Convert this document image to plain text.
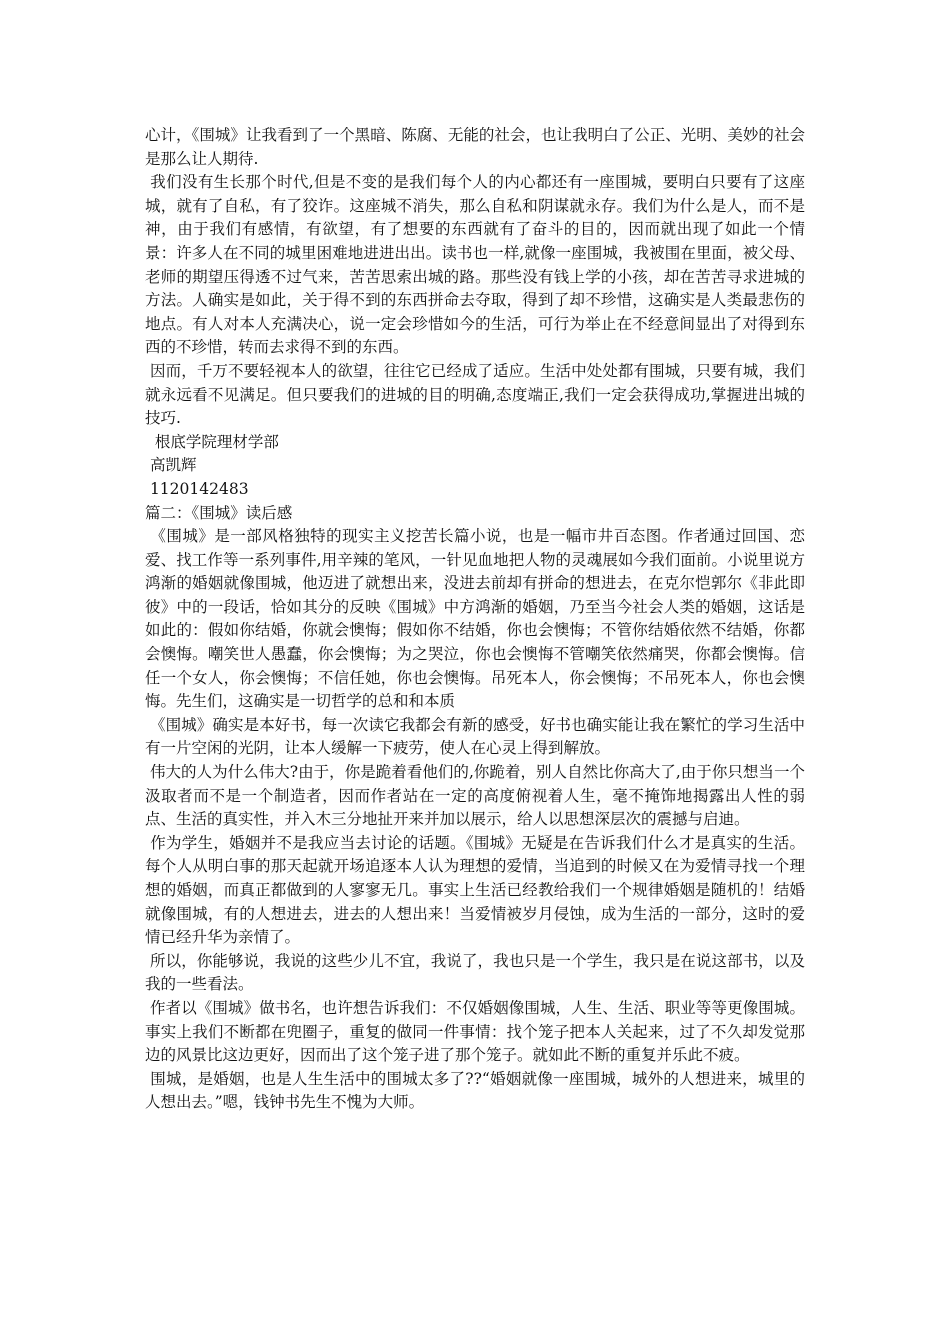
心计，《围城》让我看到了一个黑暗、陈腐、无能的社会，也让我明白了公正、光明、美妙的社会是那么让人期待.

我们没有生长那个时代,但是不变的是我们每个人的内心都还有一座围城，要明白只要有了这座城，就有了自私，有了狡诈。这座城不消失，那么自私和阴谋就永存。我们为什么是人，而不是神，由于我们有感情，有欲望，有了想要的东西就有了奋斗的目的，因而就出现了如此一个情景：许多人在不同的城里困难地进进出出。读书也一样,就像一座围城，我被围在里面，被父母、老师的期望压得透不过气来，苦苦思索出城的路。那些没有钱上学的小孩，却在苦苦寻求进城的方法。人确实是如此，关于得不到的东西拼命去夺取，得到了却不珍惜，这确实是人类最悲伤的地点。有人对本人充满决心，说一定会珍惜如今的生活，可行为举止在不经意间显出了对得到东西的不珍惜，转而去求得不到的东西。

因而，千万不要轻视本人的欲望，往往它已经成了适应。生活中处处都有围城，只要有城，我们就永远看不见满足。但只要我们的进城的目的明确,态度端正,我们一定会获得成功,掌握进出城的技巧.

根底学院理材学部

高凯辉

1120142483

篇二：《围城》读后感

《围城》是一部风格独特的现实主义挖苦长篇小说，也是一幅市井百态图。作者通过回国、恋爱、找工作等一系列事件,用辛辣的笔风，一针见血地把人物的灵魂展如今我们面前。小说里说方鸿渐的婚姻就像围城，他迈进了就想出来，没进去前却有拼命的想进去，在克尔恺郭尔《非此即彼》中的一段话，恰如其分的反映《围城》中方鸿渐的婚姻，乃至当今社会人类的婚姻，这话是如此的：假如你结婚，你就会懊悔；假如你不结婚，你也会懊悔；不管你结婚依然不结婚，你都会懊悔。嘲笑世人愚蠢，你会懊悔；为之哭泣，你也会懊悔不管嘲笑依然痛哭，你都会懊悔。信任一个女人，你会懊悔；不信任她，你也会懊悔。吊死本人，你会懊悔；不吊死本人，你也会懊悔。先生们，这确实是一切哲学的总和和本质

《围城》确实是本好书，每一次读它我都会有新的感受，好书也确实能让我在繁忙的学习生活中有一片空闲的光阴，让本人缓解一下疲劳，使人在心灵上得到解放。

伟大的人为什么伟大?由于，你是跪着看他们的,你跪着，别人自然比你高大了,由于你只想当一个汲取者而不是一个制造者，因而作者站在一定的高度俯视着人生，毫不掩饰地揭露出人性的弱点、生活的真实性，并入木三分地扯开来并加以展示，给人以思想深层次的震撼与启迪。

作为学生，婚姻并不是我应当去讨论的话题。《围城》无疑是在告诉我们什么才是真实的生活。每个人从明白事的那天起就开场追逐本人认为理想的爱情，当追到的时候又在为爱情寻找一个理想的婚姻，而真正都做到的人寥寥无几。事实上生活已经教给我们一个规律婚姻是随机的！结婚就像围城，有的人想进去，进去的人想出来！当爱情被岁月侵蚀，成为生活的一部分，这时的爱情已经升华为亲情了。

所以，你能够说，我说的这些少儿不宜，我说了，我也只是一个学生，我只是在说这部书，以及我的一些看法。

作者以《围城》做书名，也许想告诉我们：不仅婚姻像围城，人生、生活、职业等等更像围城。事实上我们不断都在兜圈子，重复的做同一件事情：找个笼子把本人关起来，过了不久却发觉那边的风景比这边更好，因而出了这个笼子进了那个笼子。就如此不断的重复并乐此不疲。

围城，是婚姻，也是人生生活中的围城太多了??“婚姻就像一座围城，城外的人想进来，城里的人想出去。”嗯，钱钟书先生不愧为大师。
